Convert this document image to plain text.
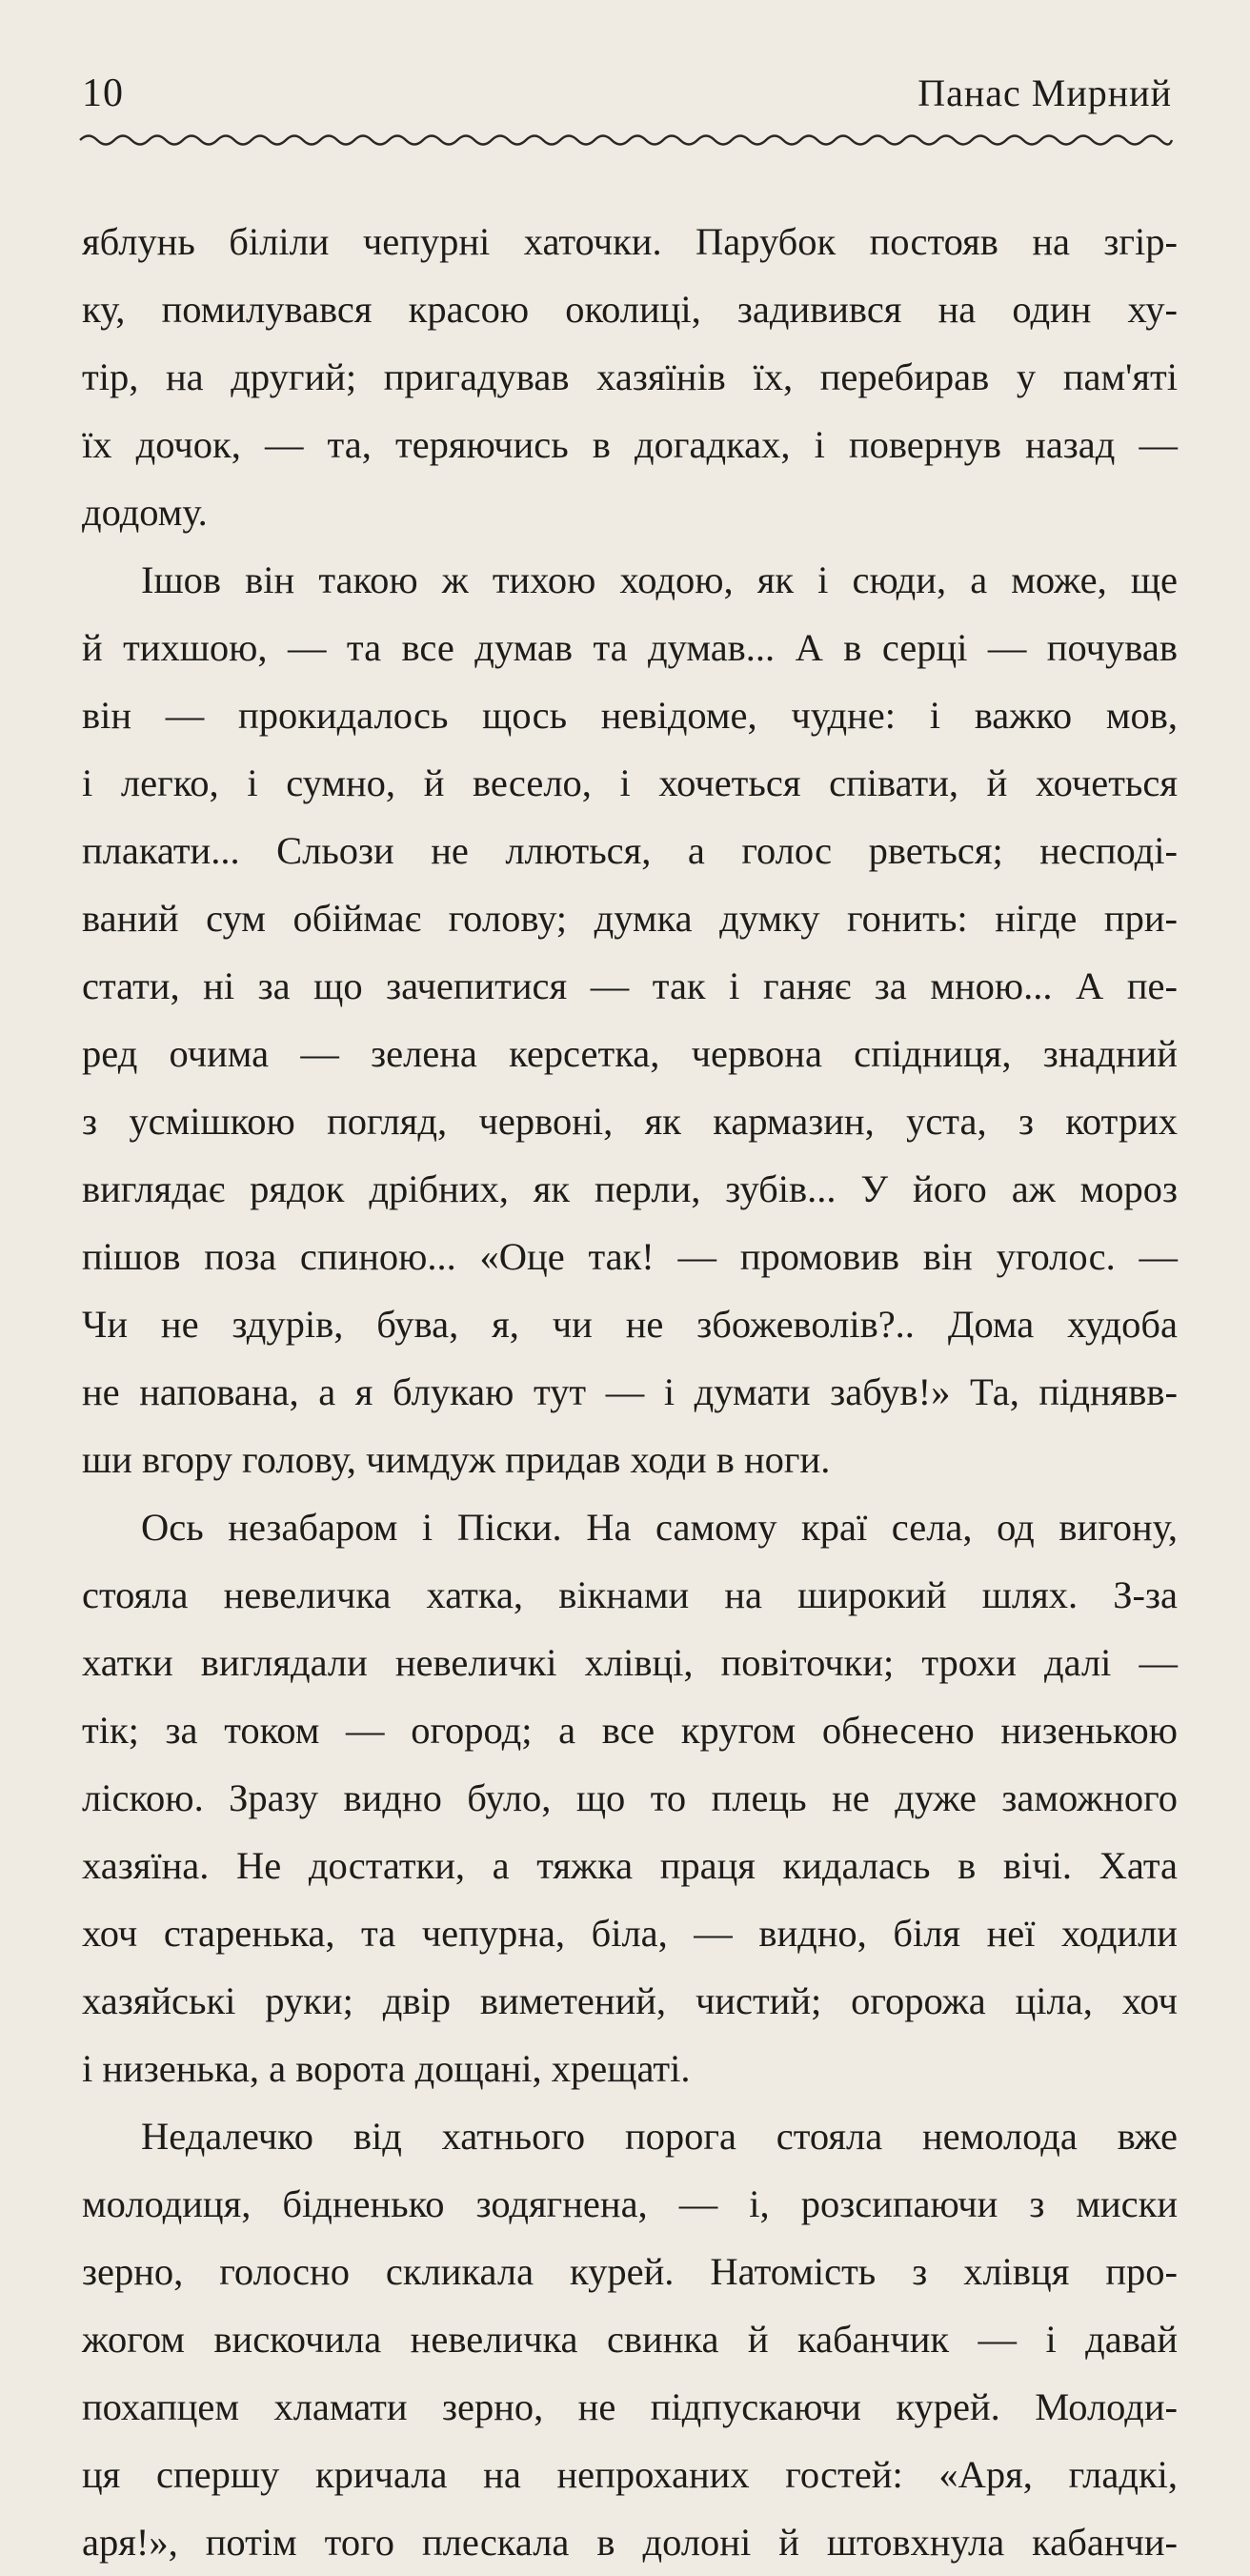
10	Панас Мирний
яблунь біліли чепурні хаточки. Парубок постояв на згір-
ку, помилувався красою околиці, задивився на один ху-
тір, на другий; пригадував хазяїнів їх, перебирав у пам'яті
їх дочок, — та, теряючись в догадках, і повернув назад —
додому.
Ішов він такою ж тихою ходою, як і сюди, а може, ще
й тихшою, — та все думав та думав... А в серці — почував
він — прокидалось щось невідоме, чудне: і важко мов,
і легко, і сумно, й весело, і хочеться співати, й хочеться
плакати... Сльози не ллються, а голос рветься; несподі-
ваний сум обіймає голову; думка думку гонить: нігде при-
стати, ні за що зачепитися — так і ганяє за мною... А пе-
ред очима — зелена керсетка, червона спідниця, знадний
з усмішкою погляд, червоні, як кармазин, уста, з котрих
виглядає рядок дрібних, як перли, зубів... У його аж мороз
пішов поза спиною... «Оце так! — промовив він уголос. —
Чи не здурів, бува, я, чи не збожеволів?.. Дома худоба
не напована, а я блукаю тут — і думати забув!» Та, піднявв-
ши вгору голову, чимдуж придав ходи в ноги.
Ось незабаром і Піски. На самому краї села, од вигону,
стояла невеличка хатка, вікнами на широкий шлях. З-за
хатки виглядали невеличкі хлівці, повіточки; трохи далі —
тік; за током — огород; а все кругом обнесено низенькою
ліскою. Зразу видно було, що то плець не дуже заможного
хазяїна. Не достатки, а тяжка праця кидалась в вічі. Хата
хоч старенька, та чепурна, біла, — видно, біля неї ходили
хазяйські руки; двір виметений, чистий; огорожа ціла, хоч
і низенька, а ворота дощані, хрещаті.
Недалечко від хатнього порога стояла немолода вже
молодиця, бідненько зодягнена, — і, розсипаючи з миски
зерно, голосно скликала курей. Натомість з хлівця про-
жогом вискочила невеличка свинка й кабанчик — і давай
похапцем хламати зерно, не підпускаючи курей. Молоди-
ця спершу кричала на непроханих гостей: «Аря, гладкі,
аря!», потім того плескала в долоні й штовхнула кабанчи-
